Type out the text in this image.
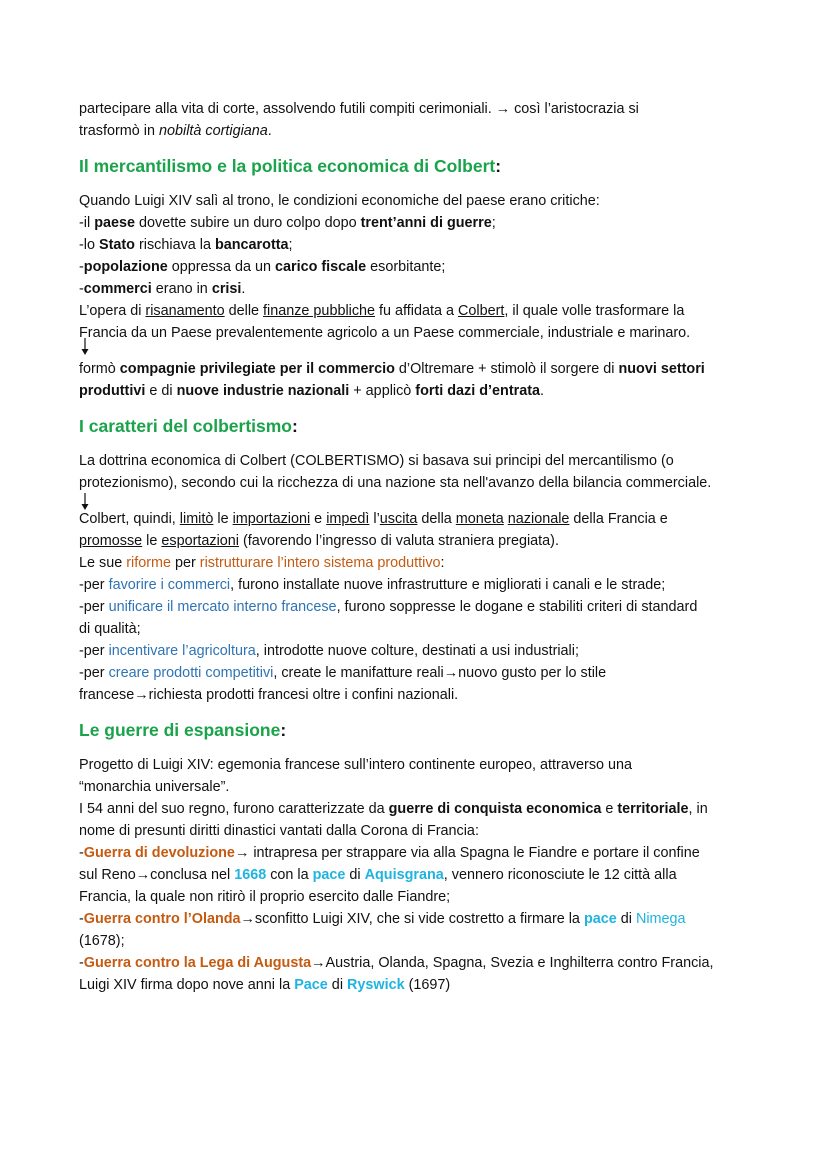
partecipare alla vita di corte, assolvendo futili compiti cerimoniali. → così l’aristocrazia si
trasformò in nobiltà cortigiana.

Il mercantilismo e la politica economica di Colbert:

Quando Luigi XIV salì al trono, le condizioni economiche del paese erano critiche:
-il paese dovette subire un duro colpo dopo trent’anni di guerre;
-lo Stato rischiava la bancarotta;
-popolazione oppressa da un carico fiscale esorbitante;
-commerci erano in crisi.
L’opera di risanamento delle finanze pubbliche fu affidata a Colbert, il quale volle trasformare la
Francia da un Paese prevalentemente agricolo a un Paese commerciale, industriale e marinaro.

formò compagnie privilegiate per il commercio d’Oltremare + stimolò il sorgere di nuovi settori
produttivi e di nuove industrie nazionali + applicò forti dazi d’entrata.

I caratteri del colbertismo:

La dottrina economica di Colbert (COLBERTISMO) si basava sui principi del mercantilismo (o
protezionismo), secondo cui la ricchezza di una nazione sta nell'avanzo della bilancia commerciale.

Colbert, quindi, limitò le importazioni e impedì l’uscita della moneta nazionale della Francia e
promosse le esportazioni (favorendo l’ingresso di valuta straniera pregiata).
Le sue riforme per ristrutturare l’intero sistema produttivo:
-per favorire i commerci, furono installate nuove infrastrutture e migliorati i canali e le strade;
-per unificare il mercato interno francese, furono soppresse le dogane e stabiliti criteri di standard
di qualità;
-per incentivare l’agricoltura, introdotte nuove colture, destinati a usi industriali;
-per creare prodotti competitivi, create le manifatture reali→nuovo gusto per lo stile
francese→richiesta prodotti francesi oltre i confini nazionali.

Le guerre di espansione:

Progetto di Luigi XIV: egemonia francese sull’intero continente europeo, attraverso una
“monarchia universale”.
I 54 anni del suo regno, furono caratterizzate da guerre di conquista economica e territoriale, in
nome di presunti diritti dinastici vantati dalla Corona di Francia:
-Guerra di devoluzione→ intrapresa per strappare via alla Spagna le Fiandre e portare il confine
sul Reno→conclusa nel 1668 con la pace di Aquisgrana, vennero riconosciute le 12 città alla
Francia, la quale non ritirò il proprio esercito dalle Fiandre;
-Guerra contro l’Olanda→sconfitto Luigi XIV, che si vide costretto a firmare la pace di Nimega
(1678);
-Guerra contro la Lega di Augusta→Austria, Olanda, Spagna, Svezia e Inghilterra contro Francia,
Luigi XIV firma dopo nove anni la Pace di Ryswick (1697)
